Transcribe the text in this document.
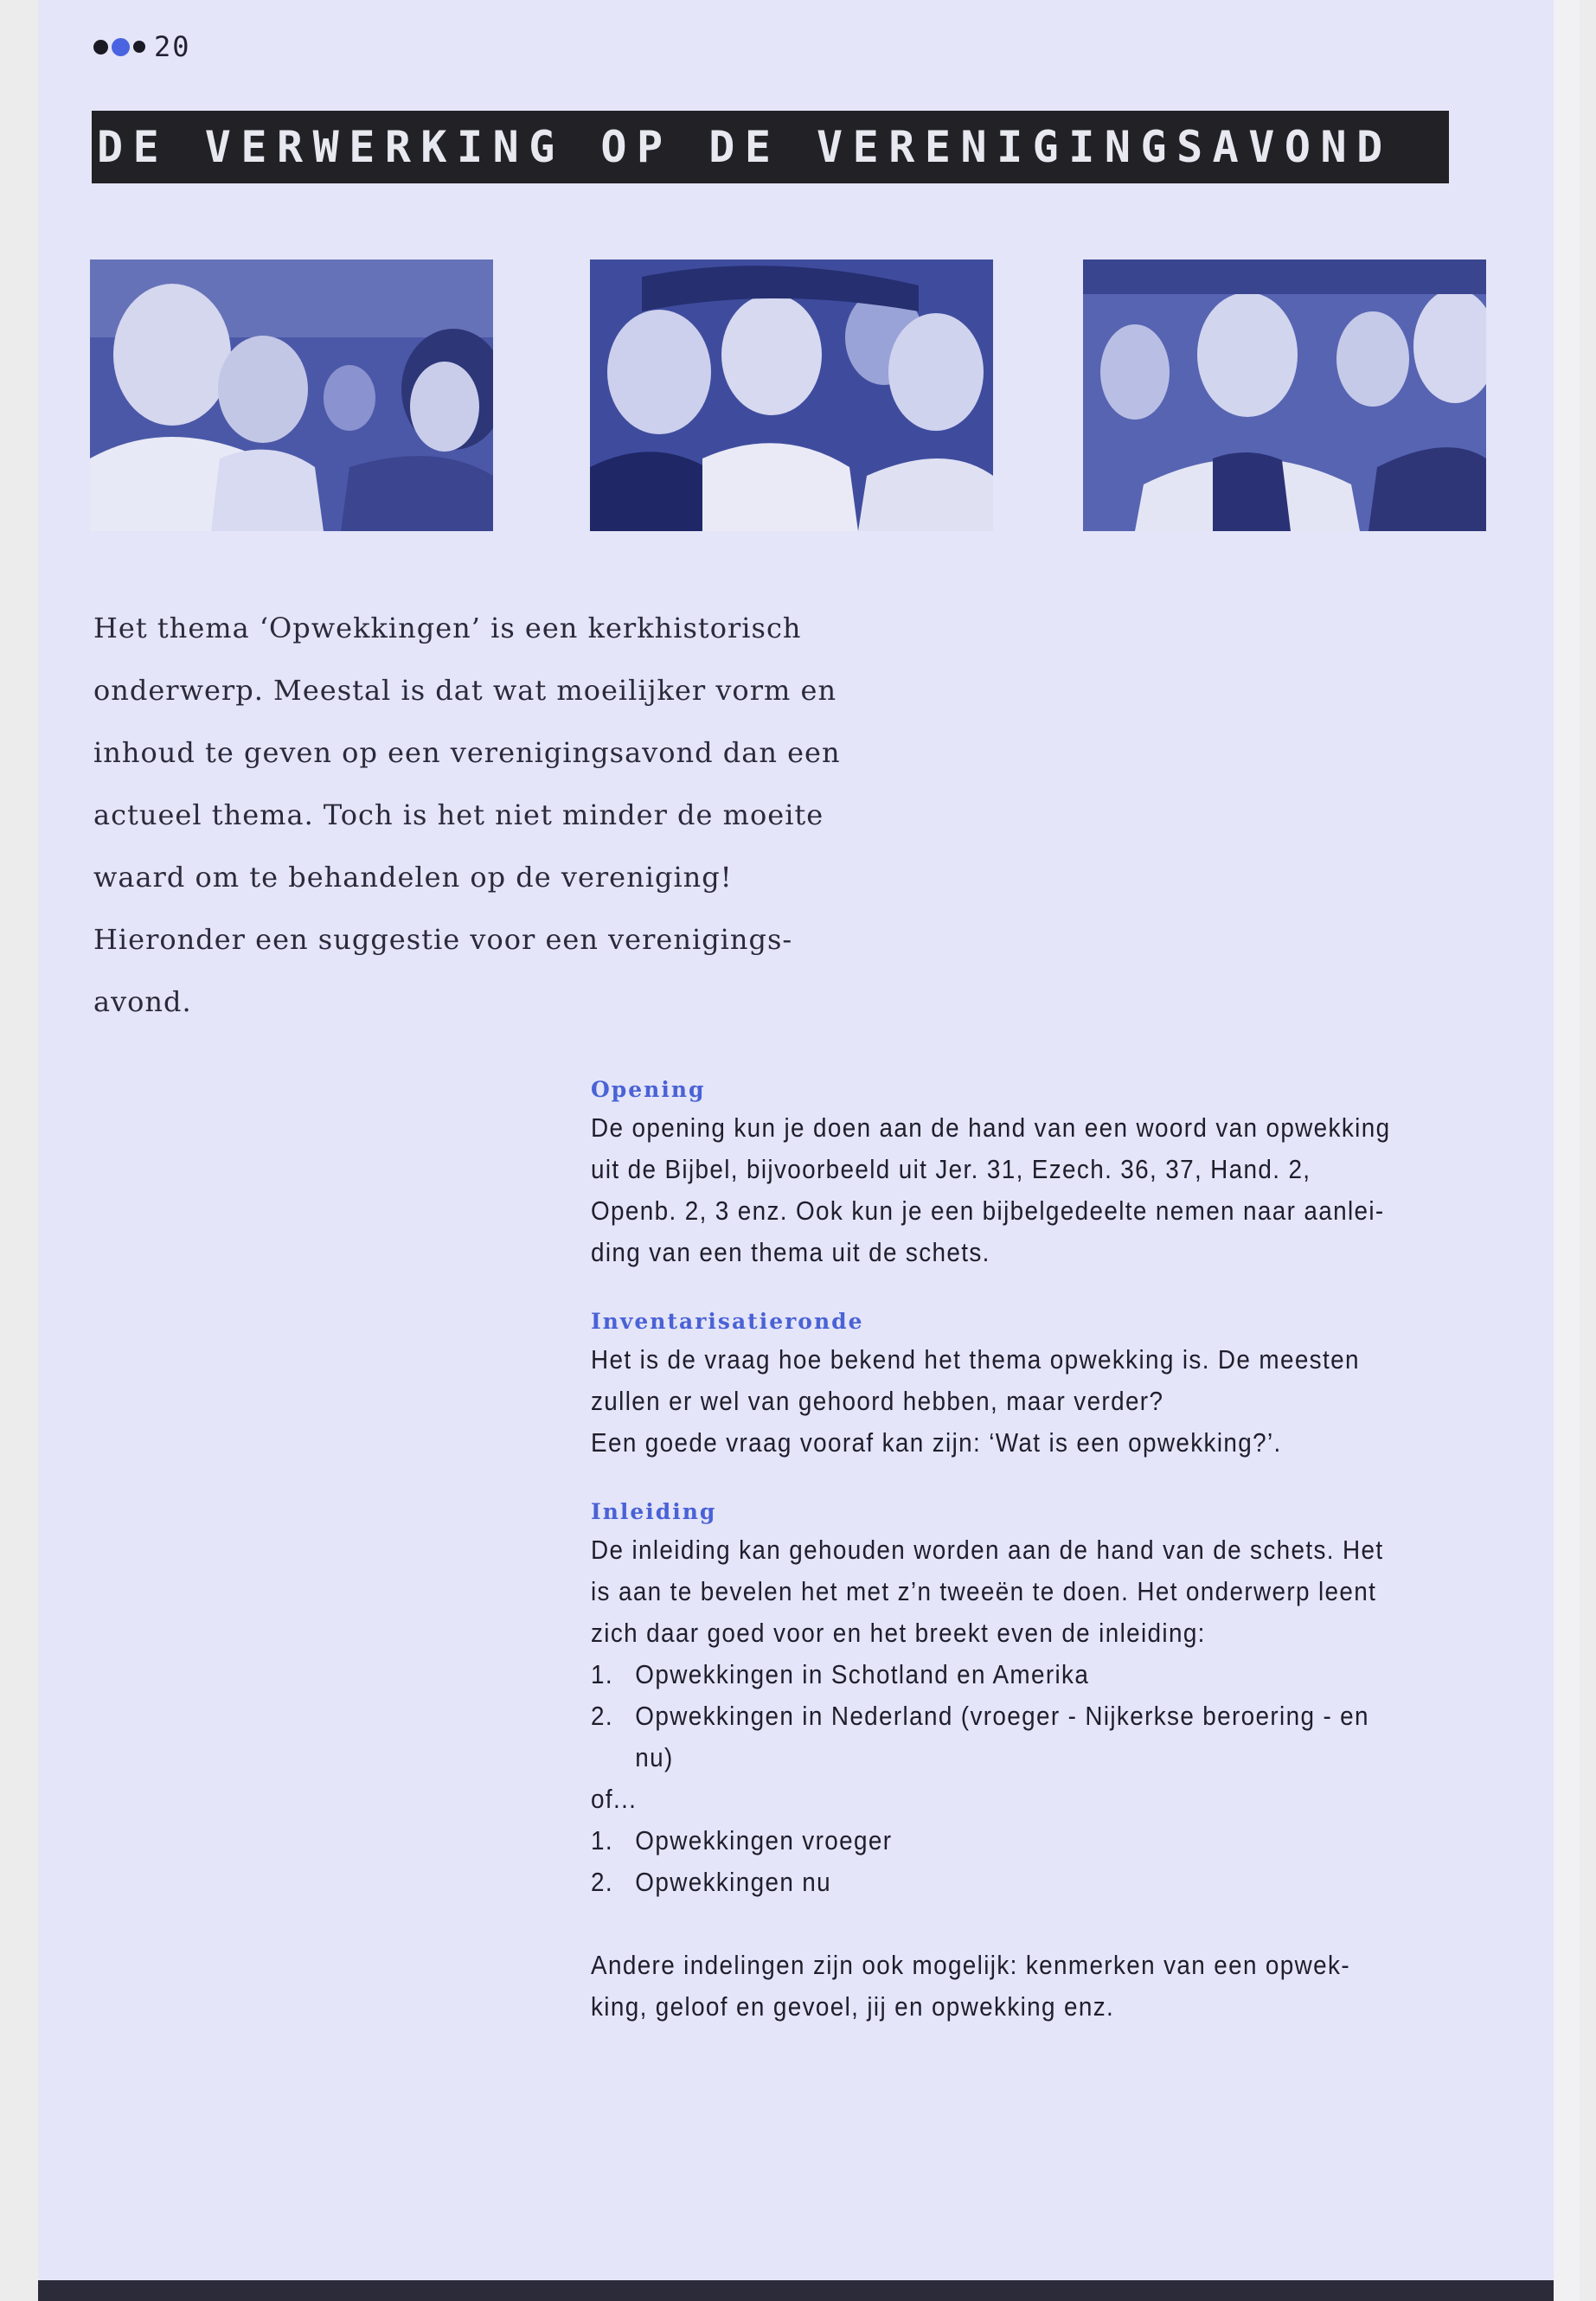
20
DE VERWERKING OP DE VERENIGINGSAVOND
Het thema ‘Opwekkingen’ is een kerkhistorisch
onderwerp. Meestal is dat wat moeilijker vorm en
inhoud te geven op een verenigingsavond dan een
actueel thema. Toch is het niet minder de moeite
waard om te behandelen op de vereniging!
Hieronder een suggestie voor een verenigings-
avond.
Opening

De opening kun je doen aan de hand van een woord van opwekking

uit de Bijbel, bijvoorbeeld uit Jer. 31, Ezech. 36, 37, Hand. 2,

Openb. 2, 3 enz. Ook kun je een bijbelgedeelte nemen naar aanlei-

ding van een thema uit de schets.

Inventarisatieronde

Het is de vraag hoe bekend het thema opwekking is. De meesten

zullen er wel van gehoord hebben, maar verder?

Een goede vraag vooraf kan zijn: ‘Wat is een opwekking?’.

Inleiding

De inleiding kan gehouden worden aan de hand van de schets. Het

is aan te bevelen het met z’n tweeën te doen. Het onderwerp leent

zich daar goed voor en het breekt even de inleiding:

1. Opwekkingen in Schotland en Amerika
2. Opwekkingen in Nederland (vroeger - Nijkerkse beroering - en nu)

of...

1. Opwekkingen vroeger
2. Opwekkingen nu

Andere indelingen zijn ook mogelijk: kenmerken van een opwek-

king, geloof en gevoel, jij en opwekking enz.
